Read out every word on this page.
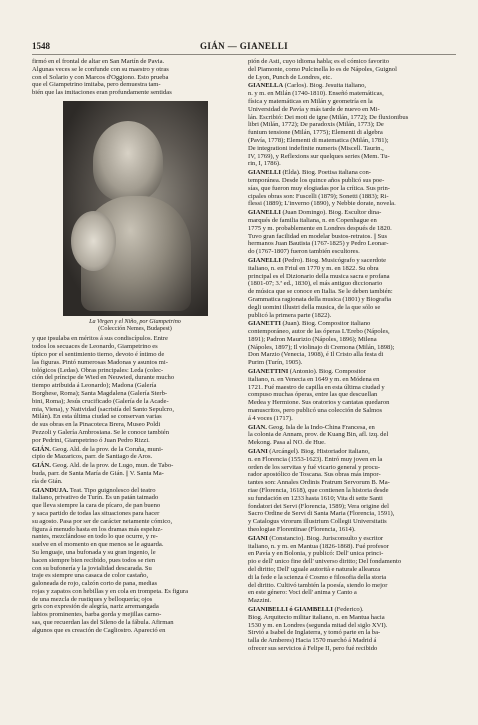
1548	GIÁN — GIANELLI

firmó en el frontal de altar en San Martín de Pavia.

Algunas veces se le confunde con su maestro y otras

con el Solario y con Marcos d'Oggiono. Esto prueba

que el Giampetrino imitaba, pero demuestra tam-

bién que las imitaciones eran profundamente sentidas

La Virgen y el Niño, por Giampetrino
(Colección Nemes, Budapest)

y que ipsulaba en méritos á sus condiscípulos. Entre

todos los secuaces de Leonardo, Giampetrino es

típico por el sentimiento tierno, devoto é íntimo de

las figuras. Pintó numerosas Madonas y asuntos mi-

tológicos (Ledas). Obras principales: Leda (colec-

ción del príncipe de Wied en Neuwied, durante mucho

tiempo atribuida á Leonardo); Madona (Galería

Borghese, Roma); Santa Magdalena (Galería Sterb-

bini, Roma); Jesús crucificado (Galería de la Acade-

mia, Viena), y Natividad (sacristía del Santo Sepulcro,

Milán). En esta última ciudad se conservan varias

de sus obras en la Pinacoteca Brera, Museo Poldi

Pezzoli y Galería Ambrosiana. Se le conoce también

por Pedrini, Giampetrino ó Juan Pedro Rizzi.

GIÁN. Geog. Ald. de la prov. de la Coruña, muni-

cipio de Mazaricos, parr. de Santiago de Aros.

GIÁN. Geog. Ald. de la prov. de Lugo, mun. de Tabo-

buda, parr. de Santa María de Gián. || V. Santa Ma-

ría de Gián.

GIANDUJA. Teat. Tipo guignolesco del teatro

italiano, privativo de Turín. Es un patán taimado

que lleva siempre la cara de pícaro, de pan bueno

y saca partido de todas las situaciones para hacer

su agosto. Pasa por ser de carácter netamente cómico,

figura á menudo hasta en los dramas más espeluz-

nantes, mezclándose en todo lo que ocurre, y re-

suelve en el momento en que menos se le aguarda.

Su lenguaje, una bufonada y su gran ingenio, le

hacen siempre bien recibido, pues todos se rien

con su bufonería y la jovialidad descarada. Su

traje es siempre una casaca de color castaño,

galoneada de rojo, calzón corto de pana, medias

rojas y zapatos con hebillas y en cola en trompeta. Es figura

de una mezcla de rustiques y belloquería; ojos

gris con expresión de alegría, nariz arremangada

labios prominentes, barba gorda y mejillas carno-

sas, que recuerdan las del Sileno de la fábula. Afirman

algunos que es creación de Cagliostro. Apareció en

pión de Asti, cuyo idioma habla; es el cómico favorito

del Piamonte, como Pulcinella lo es de Nápoles, Guignol

de Lyon, Punch de Londres, etc.

GIANELLA (Carlos). Biog. Jesuita italiano,

n. y m. en Milán (1740-1810). Enseñó matemáticas,

física y matemáticas en Milán y geometría en la

Universidad de Pavía y más tarde de nuevo en Mi-

lán. Escribió: Dei moti de igne (Milán, 1772); De fluxionibus

libri (Milán, 1772); De paradoxis (Milán, 1773); De

funium tensione (Milán, 1775); Elementi di algebra

(Pavía, 1778); Elementi di matematica (Milán, 1781);

De integrationi indefinite numeris (Miscell. Taurin.,

IV, 1769), y Reflexions sur quelques series (Mem. Tu-

rin, I, 1786).

GIANELLI (Elda). Biog. Poetisa italiana con-

temporánea. Desde los quince años publicó sus poe-

sías, que fueron muy elogiadas por la crítica. Sus prin-

cipales obras son: Fuscelli (1879); Sonetti (1883); Ri-

flessi (1889); L'inverno (1890), y Nebbie dorate, novela.

GIANELLI (Juan Domingo). Biog. Escultor dina-

marqués de familia italiana, n. en Copenhague en

1775 y m. probablemente en Londres después de 1820.

Tuvo gran facilidad en modelar bustos-retratos. || Sus

hermanos Juan Bautista (1767-1825) y Pedro Leonar-

do (1767-1807) fueron también escultores.

GIANELLI (Pedro). Biog. Musicógrafo y sacerdote

italiano, n. en Friul en 1770 y m. en 1822. Su obra

principal es el Dizionario della musica sacra e profana

(1801-07; 3.ª ed., 1830), el más antiguo diccionario

de música que se conoce en Italia. Se le deben también:

Grammatica ragionata della musica (1801) y Biografia

degli uomini illustri della musica, de la que sólo se

publicó la primera parte (1822).

GIANETTI (Juan). Biog. Compositor italiano

contemporáneo, autor de las óperas L'Erebo (Nápoles,

1891); Padron Maurizio (Nápoles, 1896); Milena

(Nápoles, 1897); Il violinajo di Cremona (Milán, 1898);

Don Marzio (Venecia, 1908), é Il Cristo alla festa di

Purim (Turín, 1905).

GIANETTINI (Antonio). Biog. Compositor

italiano, n. en Venecia en 1649 y m. en Módena en

1721. Fué maestro de capilla en esta última ciudad y

compuso muchas óperas, entre las que descuellan

Medea y Hermione. Sus oratorios y cantatas quedaron

manuscritos, pero publicó una colección de Salmos

á 4 voces (1717).

GIAN. Geog. Isla de la Indo-China Francesa, en

la colonia de Annam, prov. de Kuang Bin, afl. izq. del

Mekong. Pasa al NO. de Hue.

GIANI (Arcángel). Biog. Historiador italiano,

n. en Florencia (1553-1623). Entró muy joven en la

orden de los servitas y fué vicario general y procu-

rador apostólico de Toscana. Sus obras más impor-

tantes son: Annales Ordinis Fratrum Servorum B. Ma-

riae (Florencia, 1618), que contienen la historia desde

su fundación en 1233 hasta 1610; Vita di sette Santi

fondatori dei Servi (Florencia, 1589); Vera origine del

Sacro Ordine de Servi di Santa Maria (Florencia, 1591),

y Catalogus virorum illustrium Collegii Universitatis

theologiae Florentinae (Florencia, 1614).

GIANI (Constancio). Biog. Jurisconsulto y escritor

italiano, n. y m. en Mantua (1826-1868). Fué profesor

en Pavía y en Bolonia, y publicó: Dell' unica princi-

pio e dell' unico fine dell' universo diritto; Del fondamento

del diritto; Dell' uguale autorità e naturale alleanza

di la fede e la scienza é Cosmo e filosofia della storia

del diritto. Cultivó también la poesía, siendo lo mejor

en este género: Voci dell' anima y Canto a

Mazzini.

GIANIBELLI ó GIAMBELLI (Federico).

Biog. Arquitecto militar italiano, n. en Mantua hacia

1530 y m. en Londres (segunda mitad del siglo XVI).

Sirvió a Isabel de Inglaterra, y tomó parte en la ba-

talla de Amberes) Hacia 1570 marchó á Madrid á

ofrecer sus servicios á Felipe II, pero fué recibido
